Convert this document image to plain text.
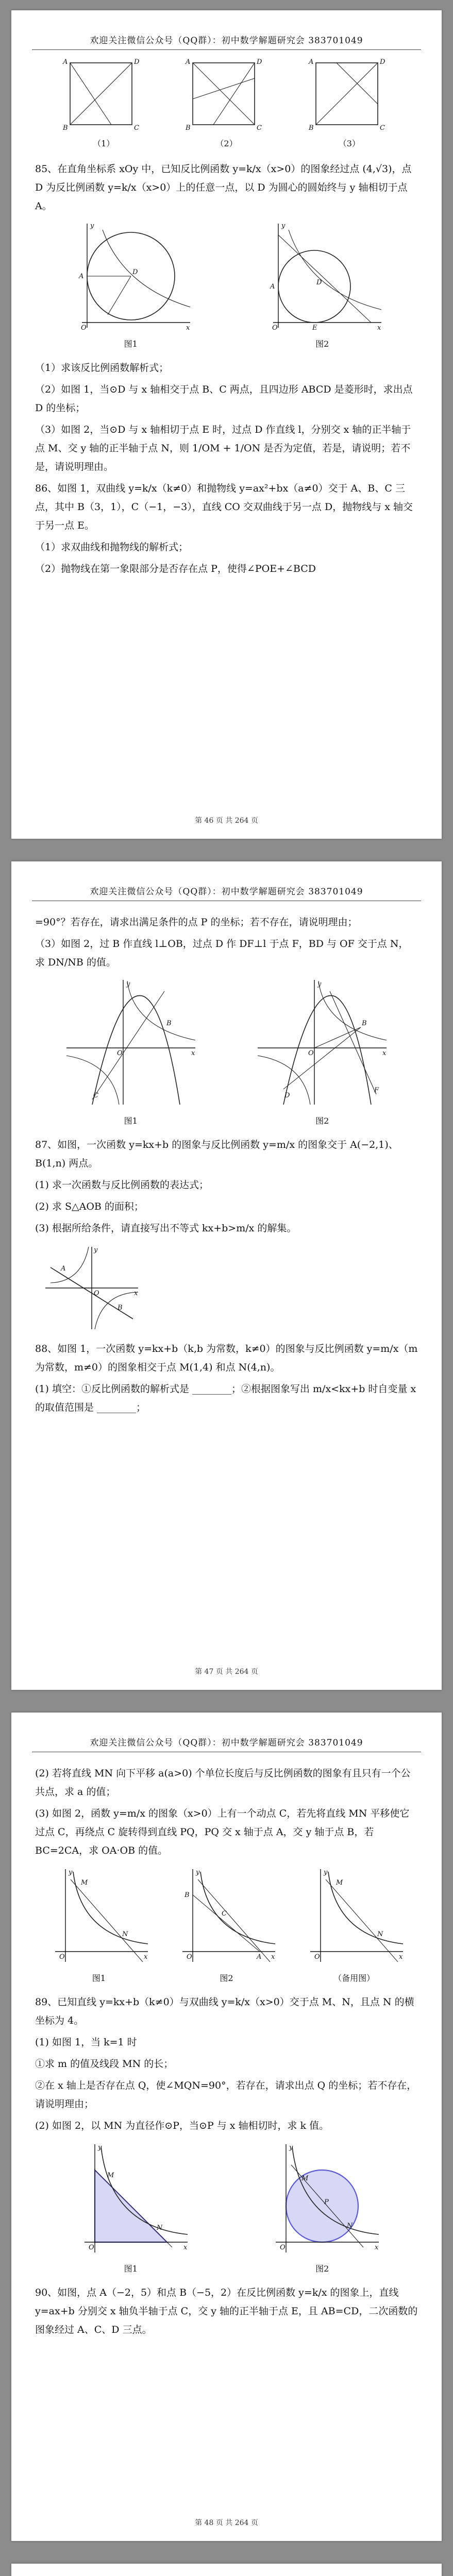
欢迎关注微信公众号（QQ群）：初中数学解题研究会 383701049
A	D
B	C
（1）
A	D
B	C
（2）
A	D
B	C
（3）

85、在直角坐标系 xOy 中，已知反比例函数 y=k/x（x>0）的图象经过点 (4,√3)，点 D 为反比例函数 y=k/x（x>0）上的任意一点，以 D 为圆心的圆始终与 y 轴相切于点 A。

A
D
O	x
y
图1
A
D
E
O	x
y
图2

（1）求该反比例函数解析式；

（2）如图 1，当⊙D 与 x 轴相交于点 B、C 两点，且四边形 ABCD 是菱形时，求出点 D 的坐标；

（3）如图 2，当⊙D 与 x 轴相切于点 E 时，过点 D 作直线 l，分别交 x 轴的正半轴于点 M、交 y 轴的正半轴于点 N，则 1/OM + 1/ON 是否为定值，若是，请说明；若不是，请说明理由。

86、如图 1，双曲线 y=k/x（k≠0）和抛物线 y=ax²+bx（a≠0）交于 A、B、C 三点，其中 B（3，1），C（−1，−3），直线 CO 交双曲线于另一点 D，抛物线与 x 轴交于另一点 E。

（1）求双曲线和抛物线的解析式；

（2）抛物线在第一象限部分是否存在点 P，使得∠POE+∠BCD

第 46 页 共 264 页
欢迎关注微信公众号（QQ群）：初中数学解题研究会 383701049

=90°？若存在，请求出满足条件的点 P 的坐标；若不存在，请说明理由；

（3）如图 2，过 B 作直线 l⊥OB，过点 D 作 DF⊥l 于点 F，BD 与 OF 交于点 N，求 DN/NB 的值。

y
x
O
B
C
图1
y
x
O
B
D
F
图2

87、如图，一次函数 y=kx+b 的图象与反比例函数 y=m/x 的图象交于 A(−2,1)、B(1,n) 两点。

(1) 求一次函数与反比例函数的表达式；

(2) 求 S△AOB 的面积；

(3) 根据所给条件，请直接写出不等式 kx+b>m/x 的解集。

y
x
O
A
B

88、如图 1，一次函数 y=kx+b（k,b 为常数，k≠0）的图象与反比例函数 y=m/x（m 为常数，m≠0）的图象相交于点 M(1,4) 和点 N(4,n)。

(1) 填空：①反比例函数的解析式是 ________；②根据图象写出 m/x<kx+b 时自变量 x 的取值范围是 ________；

第 47 页 共 264 页
欢迎关注微信公众号（QQ群）：初中数学解题研究会 383701049

(2) 若将直线 MN 向下平移 a(a>0) 个单位长度后与反比例函数的图象有且只有一个公共点，求 a 的值；

(3) 如图 2，函数 y=m/x 的图象（x>0）上有一个动点 C，若先将直线 MN 平移使它过点 C，再绕点 C 旋转得到直线 PQ，PQ 交 x 轴于点 A，交 y 轴于点 B，若 BC=2CA，求 OA·OB 的值。

y
x
O
M
N
图1
y
x
O
B
A
C
图2
y
x
O
M
N
（备用图）

89、已知直线 y=kx+b（k≠0）与双曲线 y=k/x（x>0）交于点 M、N，且点 N 的横坐标为 4。

(1) 如图 1，当 k=1 时

①求 m 的值及线段 MN 的长；

②在 x 轴上是否存在点 Q，使∠MQN=90°，若存在，请求出点 Q 的坐标；若不存在，请说明理由；

(2) 如图 2，以 MN 为直径作⊙P，当⊙P 与 x 轴相切时，求 k 值。

y
x
O
M
N
图1
y
x
O
P
M
N
图2

90、如图，点 A（−2，5）和点 B（−5，2）在反比例函数 y=k/x 的图象上，直线 y=ax+b 分别交 x 轴负半轴于点 C，交 y 轴的正半轴于点 E，且 AB=CD，二次函数的图象经过 A、C、D 三点。

第 48 页 共 264 页
